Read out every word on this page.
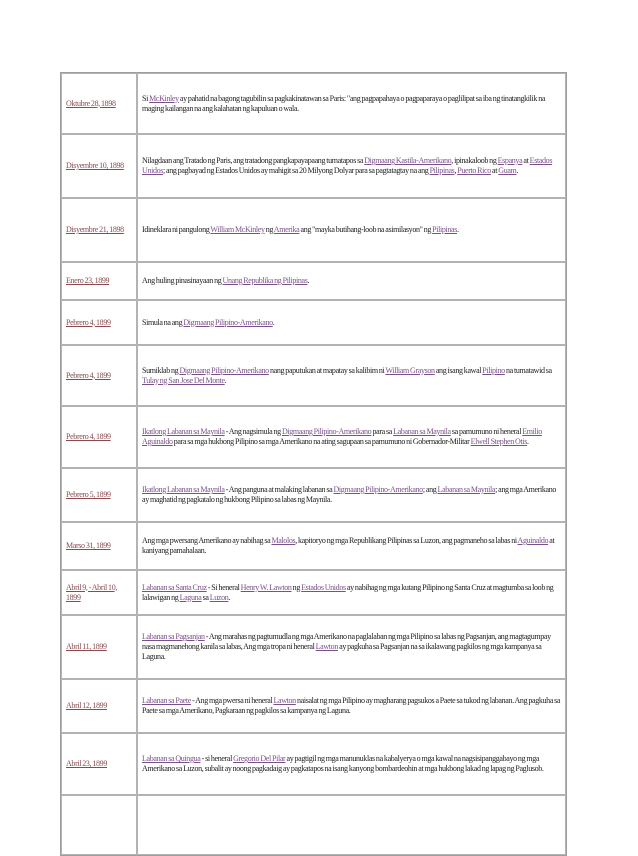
Oktubre 28, 1898	Si McKinley ay pahatid na bagong tagubilin sa pagkakinatawan sa Paris: "ang pagpapahaya o pagpaparaya o paglilipat sa iba ng tinatangkilik na maging kailangan na ang kalahatan ng kapuluan o wala.
Disyembre 10, 1898	Nilagdaan ang Tratado ng Paris, ang tratadong pangkapayapaang tumatapos sa Digmaang Kastila-Amerikano, ipinakaloob ng Espanya at Estados Unidos; ang pagbayad ng Estados Unidos ay mahigit sa 20 Milyong Dolyar para sa pagtatagtay na ang Pilipinas, Puerto Rico at Guam.
Disyembre 21, 1898	Idineklara ni pangulong William McKinley ng Amerika ang "mayka butihang-loob na asimilasyon" ng Pilipinas.
Enero 23, 1899	Ang huling pinasinayaan ng Unang Republika ng Pilipinas.
Pebrero 4, 1899	Simula na ang Digmaang Pilipino-Amerikano.
Pebrero 4, 1899	Sumiklab ng Digmaang Pilipino-Amerikano nang paputukan at mapatay sa kalibim ni William Grayson ang isang kawal Pilipino na tumatawid sa Tulay ng San Jose Del Monte.
Pebrero 4, 1899	Ikatlong Labanan sa Maynila - Ang nagsimula ng Digmaang Pilipino-Amerikano para sa Labanan sa Maynila sa pamumuno ni heneral Emilio Aguinaldo para sa mga hukbong Pilipino sa mga Amerikano na ating sagupaan sa pamumuno ni Gobernador-Militar Elwell Stephen Otis.
Pebrero 5, 1899	Ikatlong Labanan sa Maynila - Ang panguna at malaking labanan sa Digmaang Pilipino-Amerikano; ang Labanan sa Maynila; ang mga Amerikano ay maghatid ng pagkatalo ng hukbong Pilipino sa labas ng Maynila.
Marso 31, 1899	Ang mga pwersang Amerikano ay nabihag sa Malolos, kapitoryo ng mga Republikang Pilipinas sa Luzon, ang pagmaneho sa labas ni Aguinaldo at kaniyang pamahalaan.
Abril 9, - Abril 10, 1899	Labanan sa Santa Cruz - Si heneral Henry W. Lawton ng Estados Unidos ay nabihag ng mga kutang Pilipino ng Santa Cruz at magtumba sa loob ng lalawigan ng Laguna sa Luzon.
Abril 11, 1899	Labanan sa Pagsanjan - Ang marahas ng pagtumudla ng mga Amerikano na paglalaban ng mga Pilipino sa labas ng Pagsanjan, ang magtagumpay nasa magmanehong kanila sa labas, Ang mga tropa ni heneral Lawton ay pagkuha sa Pagsanjan na sa ikalawang pagkilos ng mga kampanya sa Laguna.
Abril 12, 1899	Labanan sa Paete - Ang mga pwersa ni heneral Lawton naisalat ng mga Pilipino ay magharang pagsukos a Paete sa tukod ng labanan. Ang pagkuha sa Paete sa mga Amerikano, Pagkaraan ng pagkilos sa kampanya ng Laguna.
Abril 23, 1899	Labanan sa Quingua - si heneral Gregorio Del Pilar ay pagtigil ng mga manunuklas na kabalyerya o mga kawal na nagsisipanggabayo ng mga Amerikano sa Luzon, subalit ay noong pagkadaig ay pagkatapos na isang kanyong bombardeohin at mga hukbong lakad ng lapag ng Paglusob.
